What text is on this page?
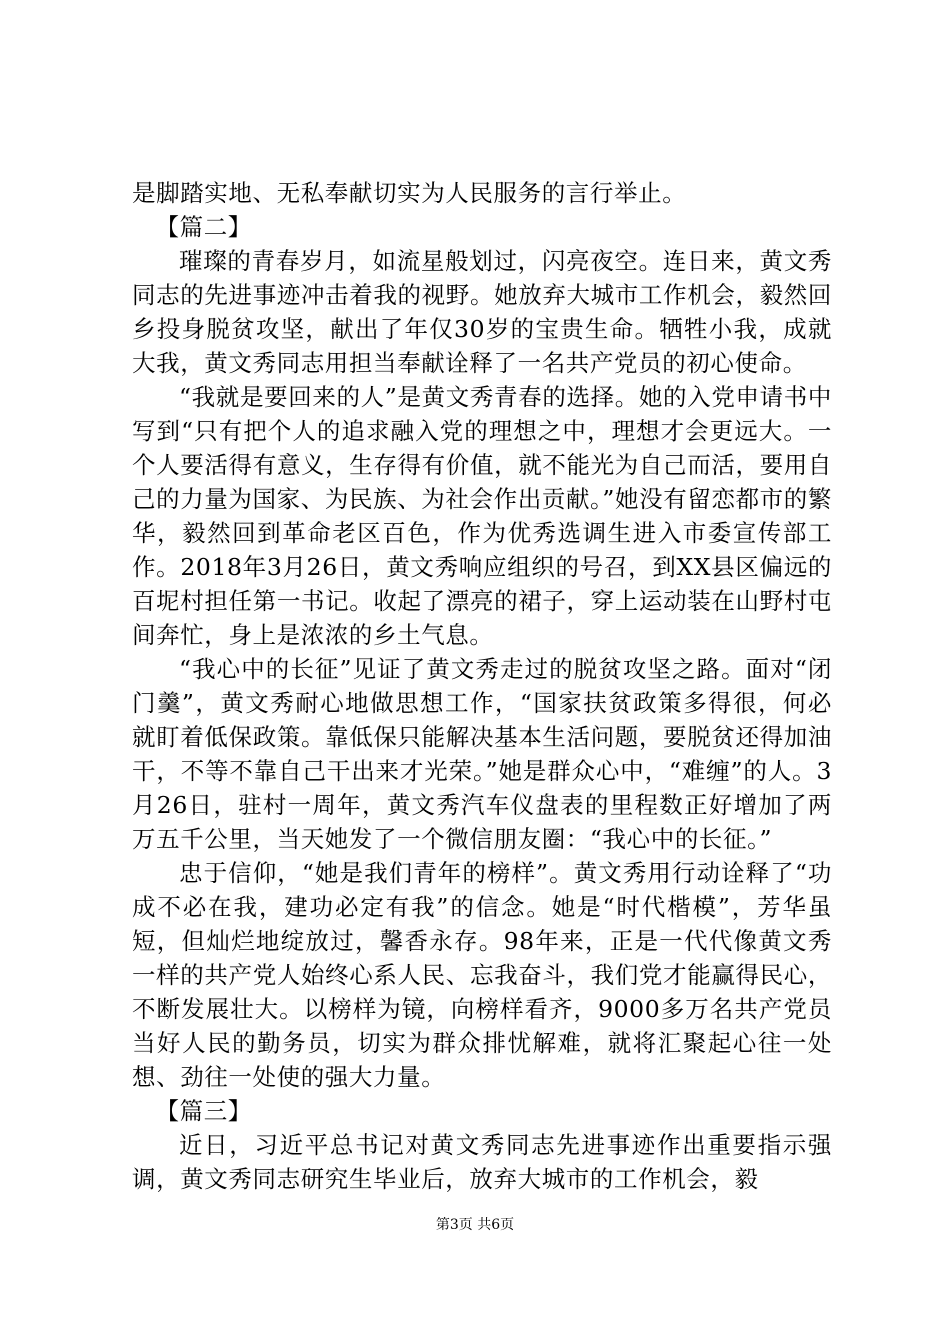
是脚踏实地、无私奉献切实为人民服务的言行举止。

【篇二】

璀璨的青春岁月，如流星般划过，闪亮夜空。连日来，黄文秀同志的先进事迹冲击着我的视野。她放弃大城市工作机会，毅然回乡投身脱贫攻坚，献出了年仅30岁的宝贵生命。牺牲小我，成就大我，黄文秀同志用担当奉献诠释了一名共产党员的初心使命。

“我就是要回来的人”是黄文秀青春的选择。她的入党申请书中写到“只有把个人的追求融入党的理想之中，理想才会更远大。一个人要活得有意义，生存得有价值，就不能光为自己而活，要用自己的力量为国家、为民族、为社会作出贡献。”她没有留恋都市的繁华，毅然回到革命老区百色，作为优秀选调生进入市委宣传部工作。2018年3月26日，黄文秀响应组织的号召，到XX县区偏远的百坭村担任第一书记。收起了漂亮的裙子，穿上运动装在山野村屯间奔忙，身上是浓浓的乡土气息。

“我心中的长征”见证了黄文秀走过的脱贫攻坚之路。面对“闭门羹”，黄文秀耐心地做思想工作，“国家扶贫政策多得很，何必就盯着低保政策。靠低保只能解决基本生活问题，要脱贫还得加油干，不等不靠自己干出来才光荣。”她是群众心中，“难缠”的人。3月26日，驻村一周年，黄文秀汽车仪盘表的里程数正好增加了两万五千公里，当天她发了一个微信朋友圈：“我心中的长征。”

忠于信仰，“她是我们青年的榜样”。黄文秀用行动诠释了“功成不必在我，建功必定有我”的信念。她是“时代楷模”，芳华虽短，但灿烂地绽放过，馨香永存。98年来，正是一代代像黄文秀一样的共产党人始终心系人民、忘我奋斗，我们党才能赢得民心，不断发展壮大。以榜样为镜，向榜样看齐，9000多万名共产党员当好人民的勤务员，切实为群众排忧解难，就将汇聚起心往一处想、劲往一处使的强大力量。

【篇三】

近日，习近平总书记对黄文秀同志先进事迹作出重要指示强调，黄文秀同志研究生毕业后，放弃大城市的工作机会，毅

第3页 共6页
